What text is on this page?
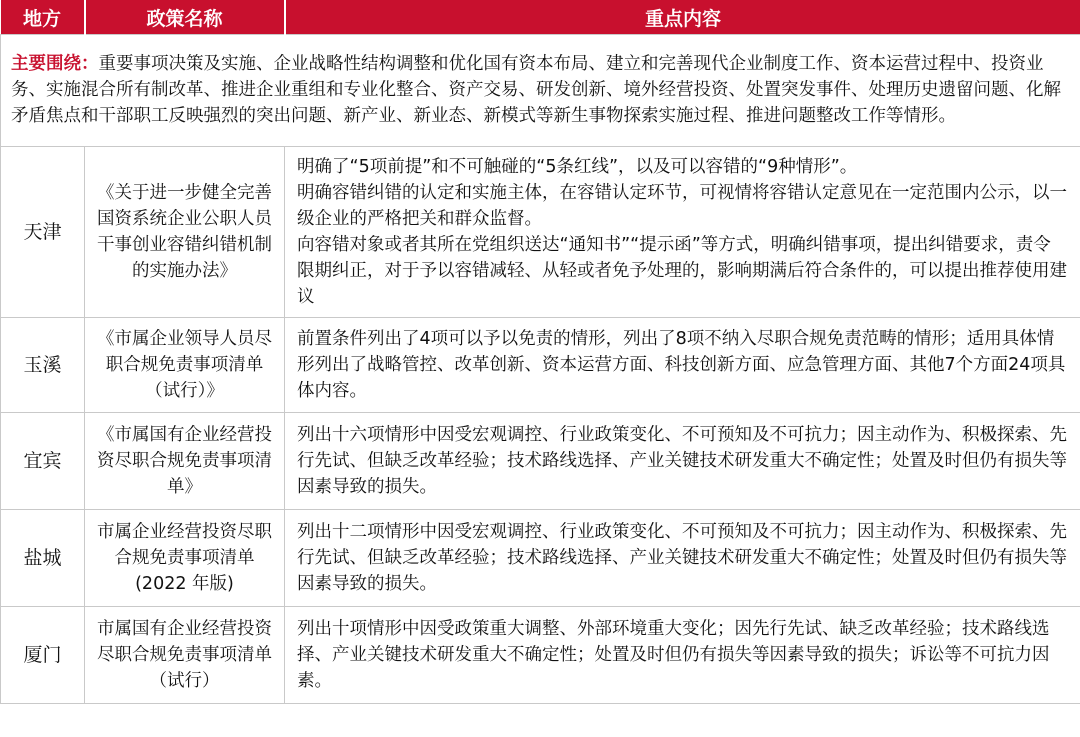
地方	政策名称	重点内容
主要围绕：重要事项决策及实施、企业战略性结构调整和优化国有资本布局、建立和完善现代企业制度工作、资本运营过程中、投资业务、实施混合所有制改革、推进企业重组和专业化整合、资产交易、研发创新、境外经营投资、处置突发事件、处理历史遗留问题、化解矛盾焦点和干部职工反映强烈的突出问题、新产业、新业态、新模式等新生事物探索实施过程、推进问题整改工作等情形。		
天津	《关于进一步健全完善国资系统企业公职人员干事创业容错纠错机制的实施办法》	明确了“5项前提”和不可触碰的“5条红线”，以及可以容错的“9种情形”。
明确容错纠错的认定和实施主体，在容错认定环节，可视情将容错认定意见在一定范围内公示，以一级企业的严格把关和群众监督。
向容错对象或者其所在党组织送达“通知书”“提示函”等方式，明确纠错事项，提出纠错要求，责令限期纠正，对于予以容错减轻、从轻或者免予处理的，影响期满后符合条件的，可以提出推荐使用建议

玉溪	《市属企业领导人员尽职合规免责事项清单（试行）》	前置条件列出了4项可以予以免责的情形，列出了8项不纳入尽职合规免责范畴的情形；适用具体情形列出了战略管控、改革创新、资本运营方面、科技创新方面、应急管理方面、其他7个方面24项具体内容。

宜宾	《市属国有企业经营投资尽职合规免责事项清单》	列出十六项情形中因受宏观调控、行业政策变化、不可预知及不可抗力；因主动作为、积极探索、先行先试、但缺乏改革经验；技术路线选择、产业关键技术研发重大不确定性；处置及时但仍有损失等因素导致的损失。

盐城	市属企业经营投资尽职合规免责事项清单(2022 年版)	列出十二项情形中因受宏观调控、行业政策变化、不可预知及不可抗力；因主动作为、积极探索、先行先试、但缺乏改革经验；技术路线选择、产业关键技术研发重大不确定性；处置及时但仍有损失等因素导致的损失。

厦门	市属国有企业经营投资尽职合规免责事项清单（试行）	列出十项情形中因受政策重大调整、外部环境重大变化；因先行先试、缺乏改革经验；技术路线选择、产业关键技术研发重大不确定性；处置及时但仍有损失等因素导致的损失；诉讼等不可抗力因素。
